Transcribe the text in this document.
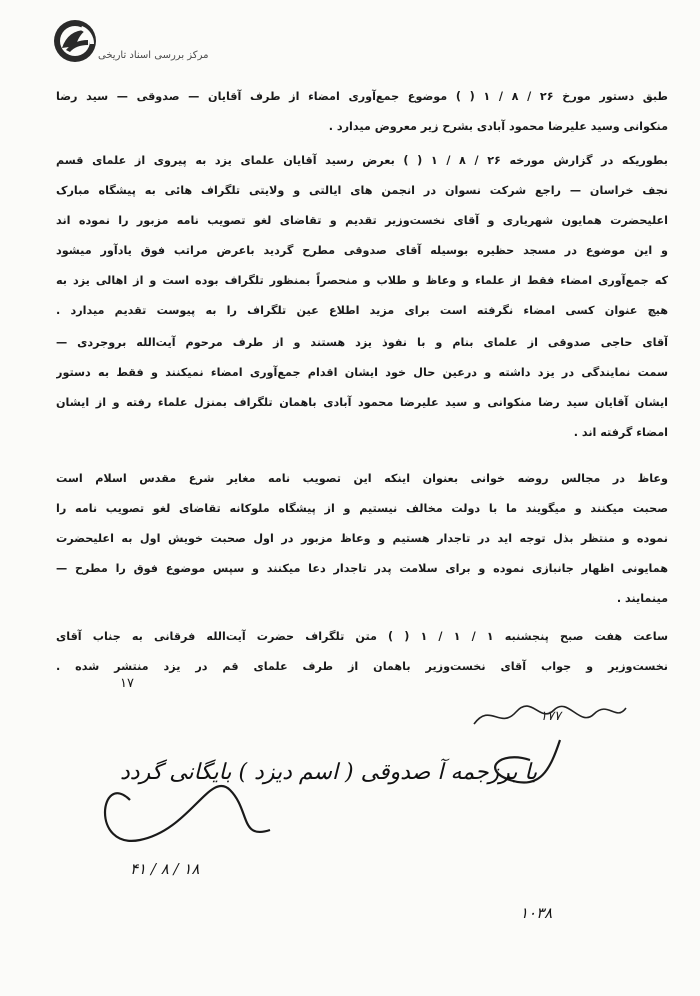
مرکز بررسی اسناد تاریخی
طبق دستور مورخ ۲۶ / ۸ / ۱ ( ) موضوع جمع‌آوری امضاء از طرف آقایان — صدوقی — سید رضا
منکوانی وسید علیرضا محمود آبادی بشرح زیر معروض میدارد .
بطوریکه در گزارش مورخه ۲۶ / ۸ / ۱ ( ) بعرض رسید آقایان علمای یزد به پیروی از علمای قسم
نجف خراسان — راجع شرکت نسوان در انجمن های ایالتی و ولایتی تلگراف هائی به پیشگاه مبارک
اعلیحضرت همایون شهریاری و آقای نخست‌وزیر تقدیم و تقاضای لغو تصویب نامه مزبور را نموده اند
و این موضوع در مسجد حظیره بوسیله آقای صدوقی مطرح گردید باعرض مراتب فوق یادآور میشود
که جمع‌آوری امضاء فقط از علماء و وعاظ و طلاب و منحصراً بمنظور تلگراف بوده است و از اهالی یزد به
هیچ عنوان کسی امضاء نگرفته است برای مزید اطلاع عین تلگراف را به پیوست تقدیم میدارد .
آقای حاجی صدوقی از علمای بنام و با نفوذ یزد هستند و از طرف مرحوم آیت‌الله بروجردی —
سمت نمایندگی در یزد داشته و درعین حال خود ایشان اقدام جمع‌آوری امضاء نمیکنند و فقط به دستور
ایشان آقایان سید رضا منکوانی و سید علیرضا محمود آبادی باهمان تلگراف بمنزل علماء رفته و از ایشان
امضاء گرفته اند .
وعاظ در مجالس روضه خوانی بعنوان اینکه این تصویب نامه مغایر شرع مقدس اسلام است
صحبت میکنند و میگویند ما با دولت مخالف نیستیم و از پیشگاه ملوکانه تقاضای لغو تصویب نامه را
نموده و منتظر بذل توجه اید در تاجدار هستیم و وعاظ مزبور در اول صحبت خویش اول به اعلیحضرت
همایونی اظهار جانبازی نموده و برای سلامت پدر تاجدار دعا میکنند و سپس موضوع فوق را مطرح —
مینمایند .
ساعت هفت صبح پنجشنبه ۱ / ۱ / ۱ ( ) متن تلگراف حضرت آیت‌الله فرقانی به جناب آقای
نخست‌وزیر و جواب آقای نخست‌وزیر باهمان از طرف علمای قم در یزد منتشر شده .
۱۷
۱۷۷
با برزجمه آ صدوقی ( اسم دیزد ) بایگانی گردد
۱۸ / ۸ / ۴۱
۱۰۳۸
